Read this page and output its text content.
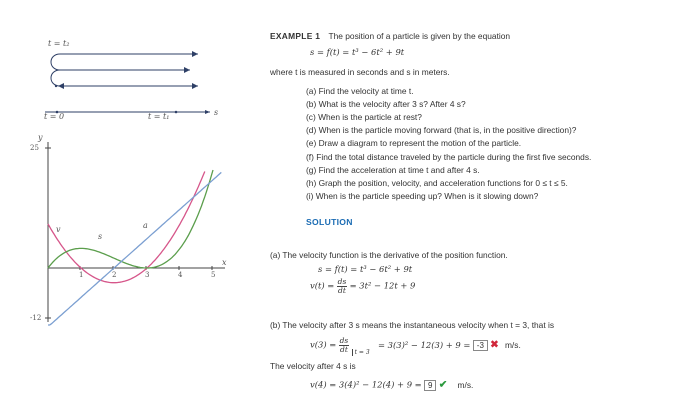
t = t₂
t = 0	t = t₁	s
y
25
-12
x
v
s
a
1	2	3	4	5
EXAMPLE 1 The position of a particle is given by the equation
s = f(t) = t³ − 6t² + 9t
where t is measured in seconds and s in meters.
(a) Find the velocity at time t.
(b) What is the velocity after 3 s? After 4 s?
(c) When is the particle at rest?
(d) When is the particle moving forward (that is, in the positive direction)?
(e) Draw a diagram to represent the motion of the particle.
(f) Find the total distance traveled by the particle during the first five seconds.
(g) Find the acceleration at time t and after 4 s.
(h) Graph the position, velocity, and acceleration functions for 0 ≤ t ≤ 5.
(i) When is the particle speeding up? When is it slowing down?
SOLUTION
(a) The velocity function is the derivative of the position function.
s = f(t) = t³ − 6t² + 9t
$v(t) = \frac{ds}{dt} = 3t^2 - 12t + 9$
(b) The velocity after 3 s means the instantaneous velocity when t = 3, that is
$v(3) = \frac{ds}{dt} _{t = 3} = 3(3)^2 - 12(3) + 9 = -3$ ✖ m/s.
The velocity after 4 s is
v(4) = 3(4)² − 12(4) + 9 = 9 ✔ m/s.
